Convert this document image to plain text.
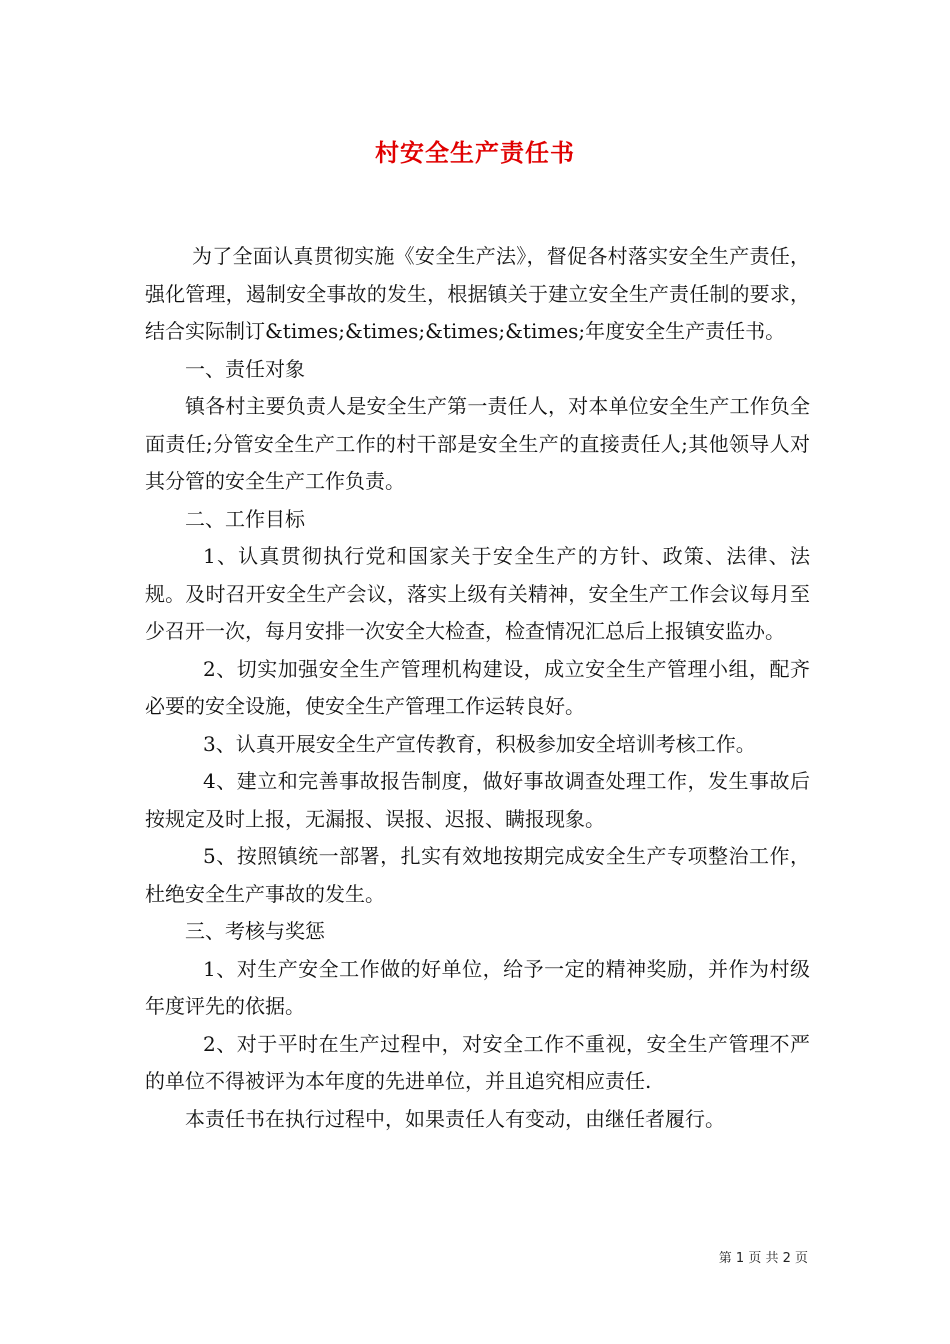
村安全生产责任书

为了全面认真贯彻实施《安全生产法》，督促各村落实安全生产责任，强化管理，遏制安全事故的发生，根据镇关于建立安全生产责任制的要求，结合实际制订&times;&times;&times;&times;年度安全生产责任书。

一、责任对象

镇各村主要负责人是安全生产第一责任人，对本单位安全生产工作负全面责任;分管安全生产工作的村干部是安全生产的直接责任人;其他领导人对其分管的安全生产工作负责。

二、工作目标

1、认真贯彻执行党和国家关于安全生产的方针、政策、法律、法规。及时召开安全生产会议，落实上级有关精神，安全生产工作会议每月至少召开一次，每月安排一次安全大检查，检查情况汇总后上报镇安监办。

2、切实加强安全生产管理机构建设，成立安全生产管理小组，配齐必要的安全设施，使安全生产管理工作运转良好。

3、认真开展安全生产宣传教育，积极参加安全培训考核工作。

4、建立和完善事故报告制度，做好事故调查处理工作，发生事故后按规定及时上报，无漏报、误报、迟报、瞒报现象。

5、按照镇统一部署，扎实有效地按期完成安全生产专项整治工作，杜绝安全生产事故的发生。

三、考核与奖惩

1、对生产安全工作做的好单位，给予一定的精神奖励，并作为村级年度评先的依据。

2、对于平时在生产过程中，对安全工作不重视，安全生产管理不严的单位不得被评为本年度的先进单位，并且追究相应责任.

本责任书在执行过程中，如果责任人有变动，由继任者履行。

第 1 页 共 2 页
